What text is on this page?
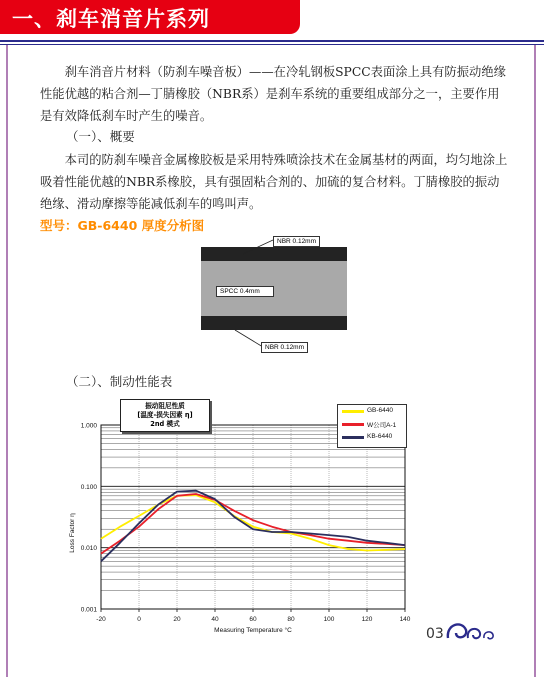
一、刹车消音片系列
刹车消音片材料（防刹车噪音板）——在冷轧钢板SPCC表面涂上具有防振动绝缘性能优越的粘合剂—丁腈橡胶（NBR系）是刹车系统的重要组成部分之一，主要作用是有效降低刹车时产生的噪音。
（一）、概要
本司的防刹车噪音金属橡胶板是采用特殊喷涂技术在金属基材的两面，均匀地涂上吸着性能优越的NBR系橡胶，具有强固粘合剂的、加硫的复合材料。丁腈橡胶的振动绝缘、滑动摩擦等能减低刹车的鸣叫声。
型号：GB-6440 厚度分析图
NBR 0.12mm
SPCC 0.4mm
NBR 0.12mm
（二）、制动性能表
0.001
0.010
0.100
1.000
-20	0	20	40	60	80	100	120	140
Measuring Temperature °C
Loss Factor η
振动阻尼性质
[温度-损失因素 η]
2nd 模式
GB-6440
W公司A-1
KB-6440
03
